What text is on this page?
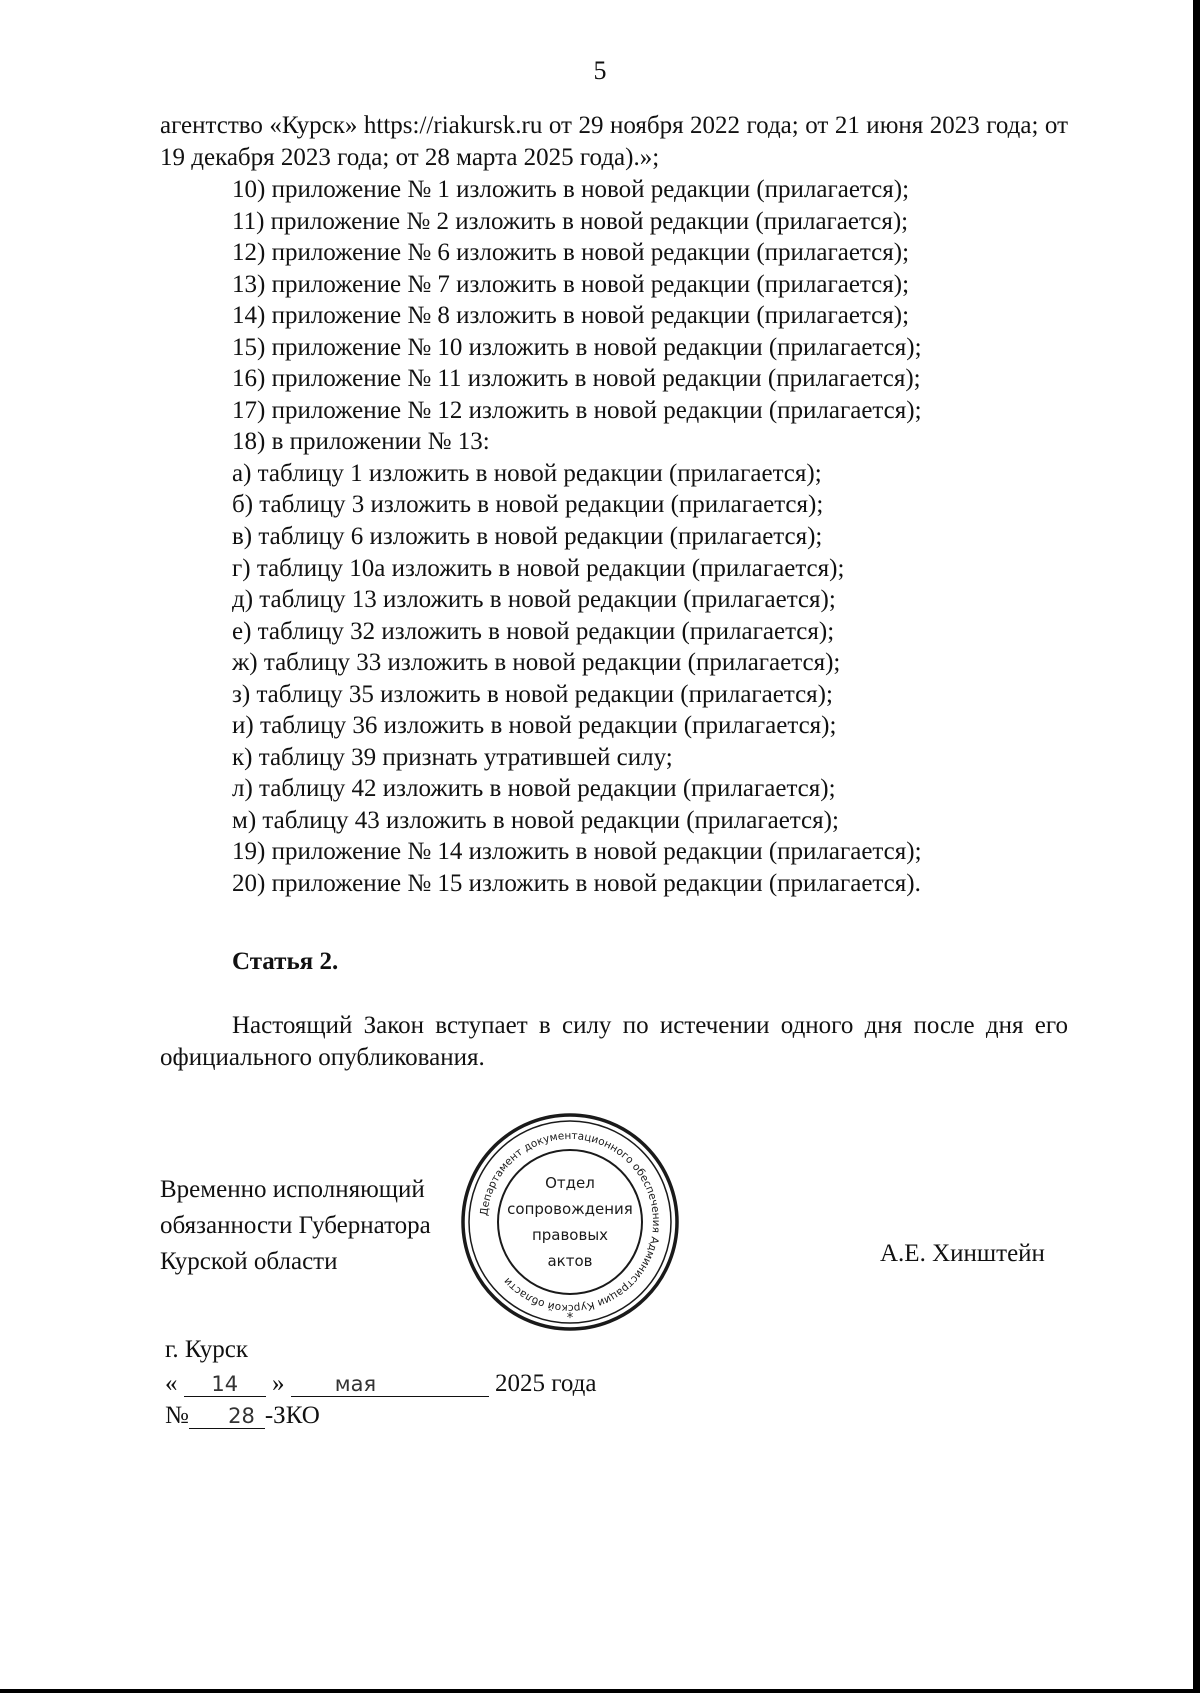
5
агентство «Курск» https://riakursk.ru от 29 ноября 2022 года; от 21 июня 2023 года; от 19 декабря 2023 года; от 28 марта 2025 года).»;
10) приложение № 1 изложить в новой редакции (прилагается);
11) приложение № 2 изложить в новой редакции (прилагается);
12) приложение № 6 изложить в новой редакции (прилагается);
13) приложение № 7 изложить в новой редакции (прилагается);
14) приложение № 8 изложить в новой редакции (прилагается);
15) приложение № 10 изложить в новой редакции (прилагается);
16) приложение № 11 изложить в новой редакции (прилагается);
17) приложение № 12 изложить в новой редакции (прилагается);
18) в приложении № 13:
а) таблицу 1 изложить в новой редакции (прилагается);
б) таблицу 3 изложить в новой редакции (прилагается);
в) таблицу 6 изложить в новой редакции (прилагается);
г) таблицу 10а изложить в новой редакции (прилагается);
д) таблицу 13 изложить в новой редакции (прилагается);
е) таблицу 32 изложить в новой редакции (прилагается);
ж) таблицу 33 изложить в новой редакции (прилагается);
з) таблицу 35 изложить в новой редакции (прилагается);
и) таблицу 36 изложить в новой редакции (прилагается);
к) таблицу 39 признать утратившей силу;
л) таблицу 42 изложить в новой редакции (прилагается);
м) таблицу 43 изложить в новой редакции (прилагается);
19) приложение № 14 изложить в новой редакции (прилагается);
20) приложение № 15 изложить в новой редакции (прилагается).
Статья 2.
Настоящий Закон вступает в силу по истечении одного дня после дня его официального опубликования.
Временно исполняющий
обязанности Губернатора
Курской области
Департамент документационного обеспечения Администрации Курской области
Отдел
сопровождения
правовых
актов
*
А.Е. Хинштейн
г. Курск
« 14 » мая	2025 года
№ 28 -ЗКО
